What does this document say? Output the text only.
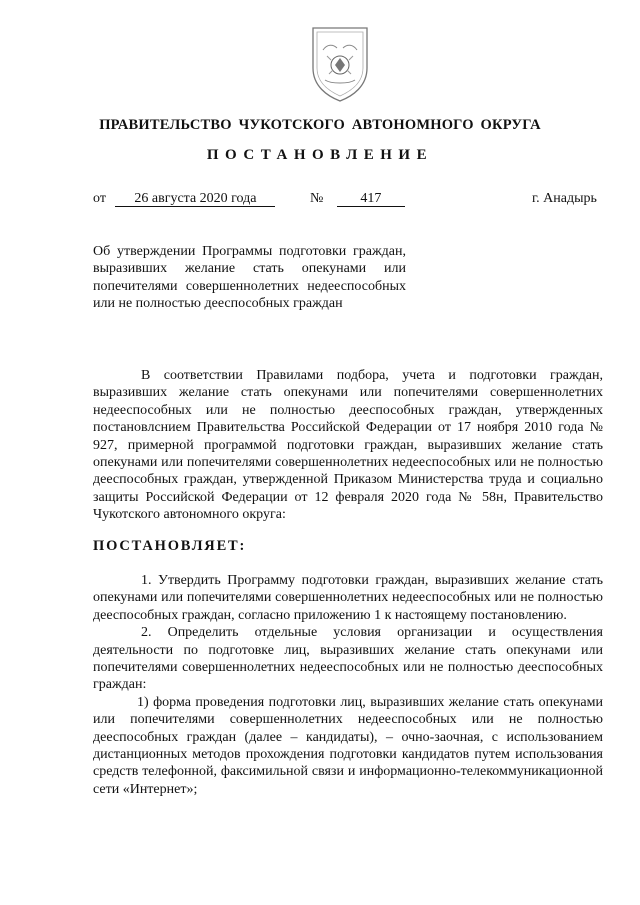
ПРАВИТЕЛЬСТВО ЧУКОТСКОГО АВТОНОМНОГО ОКРУГА
ПОСТАНОВЛЕНИЕ
от 26 августа 2020 года	№	417	г. Анадырь
Об утверждении Программы подготовки граждан, выразивших желание стать опекунами или попечителями совершеннолетних недееспособных или не полностью дееспособных граждан

В соответствии Правилами подбора, учета и подготовки граждан, выразивших желание стать опекунами или попечителями совершеннолетних недееспособных или не полностью дееспособных граждан, утвержденных постановлснием Правительства Российской Федерации от 17 ноября 2010 года № 927, примерной программой подготовки граждан, выразивших желание стать опекунами или попечителями совершеннолетних недееспособных или не полностью дееспособных граждан, утвержденной Приказом Министерства труда и социально защиты Российской Федерации от 12 февраля 2020 года № 58н, Правительство Чукотского автономного округа:

ПОСТАНОВЛЯЕТ:

1. Утвердить Программу подготовки граждан, выразивших желание стать опекунами или попечителями совершеннолетних недееспособных или не полностью дееспособных граждан, согласно приложению 1 к настоящему постановлению.

2. Определить отдельные условия организации и осуществления деятельности по подготовке лиц, выразивших желание стать опекунами или попечителями совершеннолетних недееспособных или не полностью дееспособных граждан:

1) форма проведения подготовки лиц, выразивших желание стать опекунами или попечителями совершеннолетних недееспособных или не полностью дееспособных граждан (далее – кандидаты), – очно-заочная, с использованием дистанционных методов прохождения подготовки кандидатов путем использования средств телефонной, факсимильной связи и информационно-телекоммуникационной сети «Интернет»;
